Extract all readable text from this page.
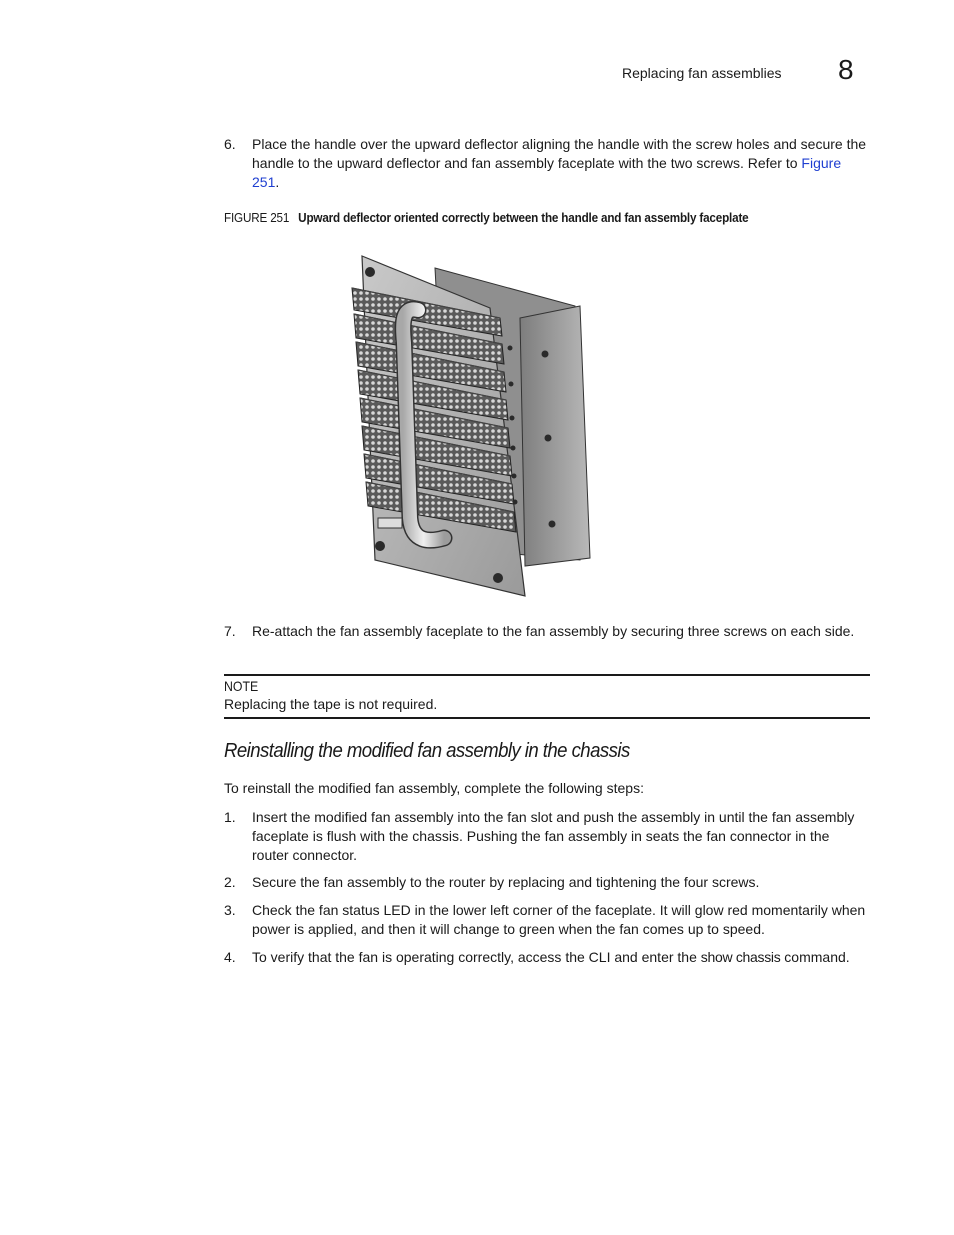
Replacing fan assemblies 8
6.	Place the handle over the upward deflector aligning the handle with the screw holes and secure the handle to the upward deflector and fan assembly faceplate with the two screws. Refer to Figure 251.
FIGURE 251 Upward deflector oriented correctly between the handle and fan assembly faceplate
7.	Re-attach the fan assembly faceplate to the fan assembly by securing three screws on each side.
NOTE
Replacing the tape is not required.
Reinstalling the modified fan assembly in the chassis
To reinstall the modified fan assembly, complete the following steps:
1.	Insert the modified fan assembly into the fan slot and push the assembly in until the fan assembly faceplate is flush with the chassis. Pushing the fan assembly in seats the fan connector in the router connector.
2.	Secure the fan assembly to the router by replacing and tightening the four screws.
3.	Check the fan status LED in the lower left corner of the faceplate. It will glow red momentarily when power is applied, and then it will change to green when the fan comes up to speed.
4.	To verify that the fan is operating correctly, access the CLI and enter the show chassis command.
